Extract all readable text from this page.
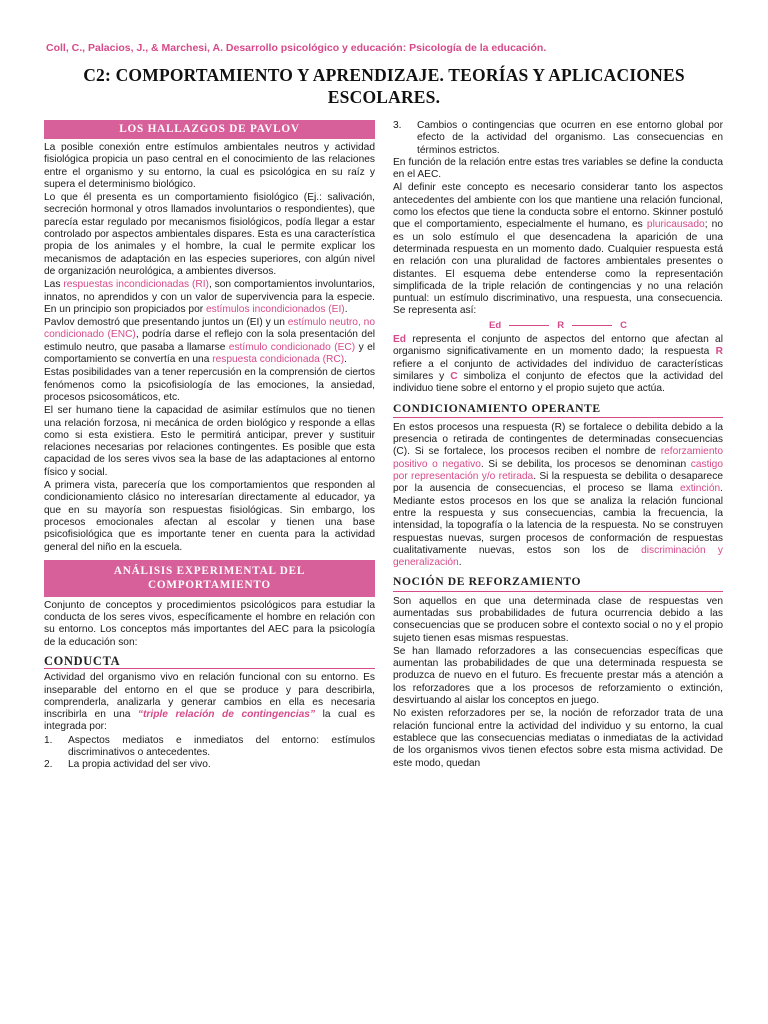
Coll, C., Palacios, J., & Marchesi, A. Desarrollo psicológico y educación: Psicología de la educación.
C2: COMPORTAMIENTO Y APRENDIZAJE. TEORÍAS Y APLICACIONES ESCOLARES.
LOS HALLAZGOS DE PAVLOV

La posible conexión entre estímulos ambientales neutros y actividad fisiológica propicia un paso central en el conocimiento de las relaciones entre el organismo y su entorno, la cual es psicológica en su raíz y supera el determinismo biológico.

Lo que él presenta es un comportamiento fisiológico (Ej.: salivación, secreción hormonal y otros llamados involuntarios o respondientes), que parecía estar regulado por mecanismos fisiológicos, podía llegar a estar controlado por aspectos ambientales dispares. Esta es una característica propia de los animales y el hombre, la cual le permite explicar los mecanismos de adaptación en las especies superiores, con algún nivel de organización neurológica, a ambientes diversos.

Las respuestas incondicionadas (RI), son comportamientos involuntarios, innatos, no aprendidos y con un valor de supervivencia para la especie. En un principio son propiciados por estímulos incondicionados (EI).

Pavlov demostró que presentando juntos un (EI) y un estímulo neutro, no condicionado (ENC), podría darse el reflejo con la sola presentación del estimulo neutro, que pasaba a llamarse estímulo condicionado (EC) y el comportamiento se convertía en una respuesta condicionada (RC).

Estas posibilidades van a tener repercusión en la comprensión de ciertos fenómenos como la psicofisiología de las emociones, la ansiedad, procesos psicosomáticos, etc.

El ser humano tiene la capacidad de asimilar estímulos que no tienen una relación forzosa, ni mecánica de orden biológico y responde a ellas como si esta existiera. Esto le permitirá anticipar, prever y sustituir relaciones necesarias por relaciones contingentes. Es posible que esta capacidad de los seres vivos sea la base de las adaptaciones al entorno físico y social.

A primera vista, parecería que los comportamientos que responden al condicionamiento clásico no interesarían directamente al educador, ya que en su mayoría son respuestas fisiológicas. Sin embargo, los procesos emocionales afectan al escolar y tienen una base psicofisiológica que es importante tener en cuenta para la actividad general del niño en la escuela.

ANÁLISIS EXPERIMENTAL DEL COMPORTAMIENTO

Conjunto de conceptos y procedimientos psicológicos para estudiar la conducta de los seres vivos, específicamente el hombre en relación con su entorno. Los conceptos más importantes del AEC para la psicología de la educación son:

CONDUCTA

Actividad del organismo vivo en relación funcional con su entorno. Es inseparable del entorno en el que se produce y para describirla, comprenderla, analizarla y generar cambios en ella es necesaria inscribirla en una “triple relación de contingencias” la cual es integrada por:

1.	Aspectos mediatos e inmediatos del entorno: estímulos discriminativos o antecedentes.
2.	La propia actividad del ser vivo.
3.	Cambios o contingencias que ocurren en ese entorno global por efecto de la actividad del organismo. Las consecuencias en términos estrictos.

En función de la relación entre estas tres variables se define la conducta en el AEC.

Al definir este concepto es necesario considerar tanto los aspectos antecedentes del ambiente con los que mantiene una relación funcional, como los efectos que tiene la conducta sobre el entorno. Skinner postuló que el comportamiento, especialmente el humano, es pluricausado; no es un solo estímulo el que desencadena la aparición de una determinada respuesta en un momento dado. Cualquier respuesta está en relación con una pluralidad de factores ambientales presentes o distantes. El esquema debe entenderse como la representación simplificada de la triple relación de contingencias y no una relación puntual: un estímulo discriminativo, una respuesta, una consecuencia. Se representa así:

Ed	R	C

Ed representa el conjunto de aspectos del entorno que afectan al organismo significativamente en un momento dado; la respuesta R refiere a el conjunto de actividades del individuo de características similares y C simboliza el conjunto de efectos que la actividad del individuo tiene sobre el entorno y el propio sujeto que actúa.

CONDICIONAMIENTO OPERANTE

En estos procesos una respuesta (R) se fortalece o debilita debido a la presencia o retirada de contingentes de determinadas consecuencias (C). Si se fortalece, los procesos reciben el nombre de reforzamiento positivo o negativo. Si se debilita, los procesos se denominan castigo por representación y/o retirada. Si la respuesta se debilita o desaparece por la ausencia de consecuencias, el proceso se llama extinción. Mediante estos procesos en los que se analiza la relación funcional entre la respuesta y sus consecuencias, cambia la frecuencia, la intensidad, la topografía o la latencia de la respuesta. No se construyen respuestas nuevas, surgen procesos de conformación de respuestas cualitativamente nuevas, estos son los de discriminación y generalización.

NOCIÓN DE REFORZAMIENTO

Son aquellos en que una determinada clase de respuestas ven aumentadas sus probabilidades de futura ocurrencia debido a las consecuencias que se producen sobre el contexto social o no y el propio sujeto tienen esas mismas respuestas.

Se han llamado reforzadores a las consecuencias específicas que aumentan las probabilidades de que una determinada respuesta se produzca de nuevo en el futuro. Es frecuente prestar más a atención a los reforzadores que a los procesos de reforzamiento o extinción, desvirtuando al aislar los conceptos en juego.

No existen reforzadores per se, la noción de reforzador trata de una relación funcional entre la actividad del individuo y su entorno, la cual establece que las consecuencias mediatas o inmediatas de la actividad de los organismos vivos tienen efectos sobre esta misma actividad. De este modo, quedan
